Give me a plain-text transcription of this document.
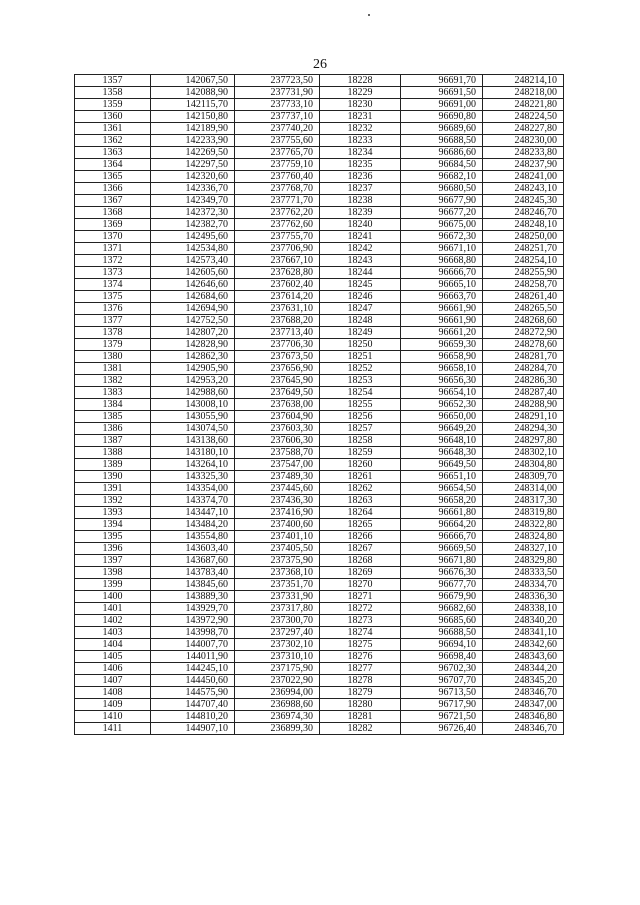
26
1357	142067,50	237723,50	18228	96691,70	248214,10
1358	142088,90	237731,90	18229	96691,50	248218,00
1359	142115,70	237733,10	18230	96691,00	248221,80
1360	142150,80	237737,10	18231	96690,80	248224,50
1361	142189,90	237740,20	18232	96689,60	248227,80
1362	142233,90	237755,60	18233	96688,50	248230,00
1363	142269,50	237765,70	18234	96686,60	248233,80
1364	142297,50	237759,10	18235	96684,50	248237,90
1365	142320,60	237760,40	18236	96682,10	248241,00
1366	142336,70	237768,70	18237	96680,50	248243,10
1367	142349,70	237771,70	18238	96677,90	248245,30
1368	142372,30	237762,20	18239	96677,20	248246,70
1369	142382,70	237762,60	18240	96675,00	248248,10
1370	142495,60	237755,70	18241	96672,30	248250,00
1371	142534,80	237706,90	18242	96671,10	248251,70
1372	142573,40	237667,10	18243	96668,80	248254,10
1373	142605,60	237628,80	18244	96666,70	248255,90
1374	142646,60	237602,40	18245	96665,10	248258,70
1375	142684,60	237614,20	18246	96663,70	248261,40
1376	142694,90	237631,10	18247	96661,90	248265,50
1377	142752,50	237688,20	18248	96661,90	248268,60
1378	142807,20	237713,40	18249	96661,20	248272,90
1379	142828,90	237706,30	18250	96659,30	248278,60
1380	142862,30	237673,50	18251	96658,90	248281,70
1381	142905,90	237656,90	18252	96658,10	248284,70
1382	142953,20	237645,90	18253	96656,30	248286,30
1383	142988,60	237649,50	18254	96654,10	248287,40
1384	143008,10	237638,00	18255	96652,30	248288,90
1385	143055,90	237604,90	18256	96650,00	248291,10
1386	143074,50	237603,30	18257	96649,20	248294,30
1387	143138,60	237606,30	18258	96648,10	248297,80
1388	143180,10	237588,70	18259	96648,30	248302,10
1389	143264,10	237547,00	18260	96649,50	248304,80
1390	143325,30	237489,30	18261	96651,10	248309,70
1391	143354,00	237445,60	18262	96654,50	248314,00
1392	143374,70	237436,30	18263	96658,20	248317,30
1393	143447,10	237416,90	18264	96661,80	248319,80
1394	143484,20	237400,60	18265	96664,20	248322,80
1395	143554,80	237401,10	18266	96666,70	248324,80
1396	143603,40	237405,50	18267	96669,50	248327,10
1397	143687,60	237375,90	18268	96671,80	248329,80
1398	143783,40	237368,10	18269	96676,30	248333,50
1399	143845,60	237351,70	18270	96677,70	248334,70
1400	143889,30	237331,90	18271	96679,90	248336,30
1401	143929,70	237317,80	18272	96682,60	248338,10
1402	143972,90	237300,70	18273	96685,60	248340,20
1403	143998,70	237297,40	18274	96688,50	248341,10
1404	144007,70	237302,10	18275	96694,10	248342,60
1405	144011,90	237310,10	18276	96698,40	248343,60
1406	144245,10	237175,90	18277	96702,30	248344,20
1407	144450,60	237022,90	18278	96707,70	248345,20
1408	144575,90	236994,00	18279	96713,50	248346,70
1409	144707,40	236988,60	18280	96717,90	248347,00
1410	144810,20	236974,30	18281	96721,50	248346,80
1411	144907,10	236899,30	18282	96726,40	248346,70
